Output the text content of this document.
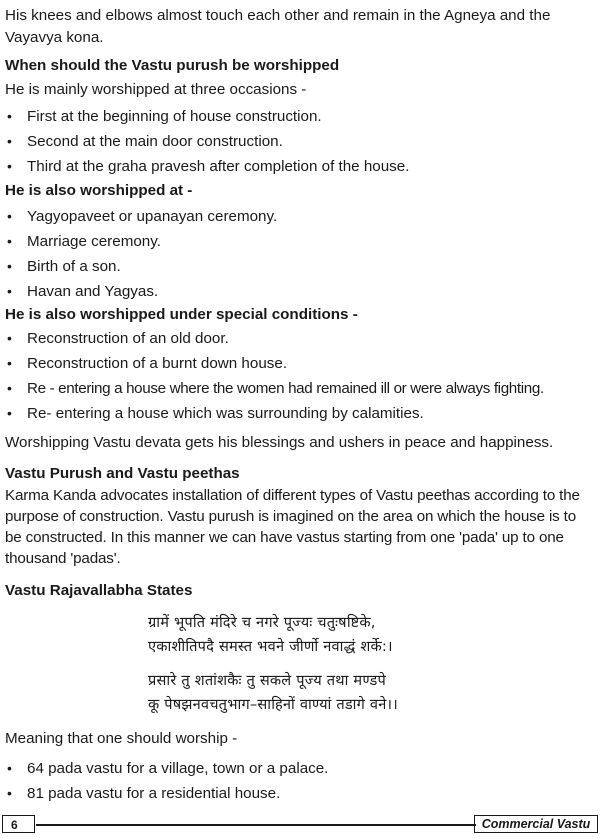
His knees and elbows almost touch each other and remain in the Agneya and the Vayavya kona.

When should the Vastu purush be worshipped

He is mainly worshipped at three occasions -

• First at the beginning of house construction.
• Second at the main door construction.
• Third at the graha pravesh after completion of the house.

He is also worshipped at -

• Yagyopaveet or upanayan ceremony.
• Marriage ceremony.
• Birth of a son.
• Havan and Yagyas.

He is also worshipped under special conditions -

• Reconstruction of an old door.
• Reconstruction of a burnt down house.
• Re - entering a house where the women had remained ill or were always fighting.
• Re- entering a house which was surrounding by calamities.

Worshipping Vastu devata gets his blessings and ushers in peace and happiness.

Vastu Purush and Vastu peethas

Karma Kanda advocates installation of different types of Vastu peethas according to the purpose of construction. Vastu purush is imagined on the area on which the house is to be constructed. In this manner we can have vastus starting from one 'pada' up to one thousand 'padas'.

Vastu Rajavallabha States

ग्रामें भूपति मंदिरे च नगरे पूज्यः चतुःषष्टिके,

एकाशीतिपदै समस्त भवने जीर्णो नवाद्धं शर्के:।

प्रसारे तु शतांशकैः तु सकले पूज्य तथा मण्डपे

कू पेषझनवचतुभाग–साहिनों वाण्यां तडागे वने।।

Meaning that one should worship -

• 64 pada vastu for a village, town or a palace.
• 81 pada vastu for a residential house.
6	Commercial Vastu
